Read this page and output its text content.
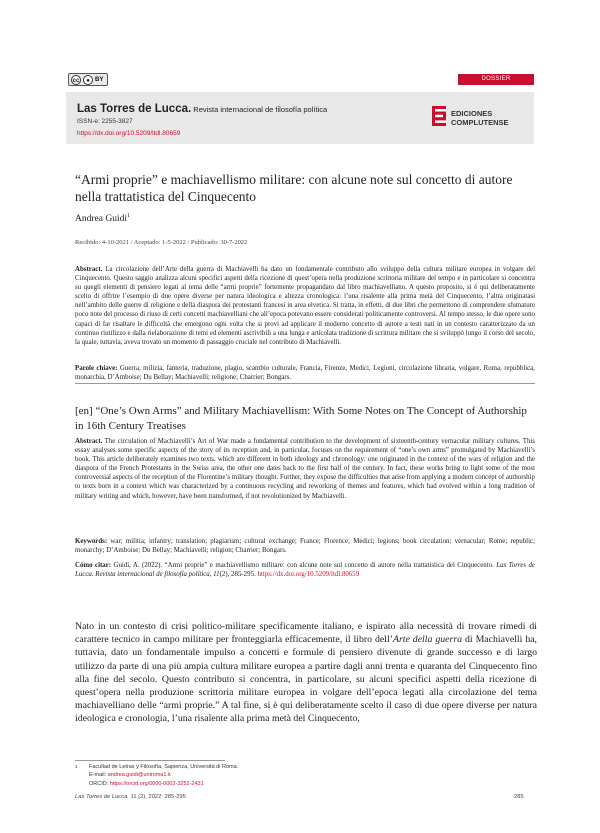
cc	● BY	DOSSIER
Las Torres de Lucca. Revista internacional de filosofía política
ISSN-e: 2255-3827
https://dx.doi.org/10.5209/ltdl.80659
EDICIONES
COMPLUTENSE
“Armi proprie” e machiavellismo militare: con alcune note sul concetto di autore nella trattatistica del Cinquecento
Andrea Guidi$^1$
Recibido: 4-10-2021 / Aceptado: 1-5-2022 / Publicado: 30-7-2022
Abstract. La circolazione dell’Arte della guerra di Machiavelli ha dato un fondamentale contributo allo sviluppo della cultura militare europea in volgare del Cinquecento. Questo saggio analizza alcuni specifici aspetti della ricezione di quest’opera nella produzione scrittoria militare del tempo e in particolare si concentra su quegli elementi di pensiero legati al tema delle “armi proprie” fortemente propagandato dal libro machiavelliano. A questo proposito, si è qui deliberatamente scelto di offrire l’esempio di due opere diverse per natura ideologica e altezza cronologica: l’una risalente alla prima metà del Cinquecento, l’altra originatasi nell’ambito delle guerre di religione e della diaspora dei protestanti francesi in area elvetica. Si tratta, in effetti, di due libri che permettono di comprendere sfumature poco note del processo di riuso di certi concetti machiavelliani che all’epoca potevano essere considerati politicamente controversi. Al tempo stesso, le due opere sono capaci di far risaltare le difficoltà che emergono ogni volta che si provi ad applicare il moderno concetto di autore a testi nati in un contesto caratterizzato da un continuo riutilizzo e dalla rielaborazione di temi ed elementi ascrivibili a una lunga e articolata tradizione di scrittura militare che si sviluppò lungo il corso del secolo, la quale, tuttavia, aveva trovato un momento di passaggio cruciale nel contributo di Machiavelli.
Parole chiave: Guerra, milizia, fanteria, traduzione, plagio, scambio culturale, Francia, Firenze, Medici, Legioni, circolazione libraria, volgare, Roma, repubblica, monarchia, D’Amboise; Du Bellay; Machiavelli; religione; Charrier; Bongars.
[en] “One’s Own Arms” and Military Machiavellism: With Some Notes on The Concept of Authorship in 16th Century Treatises
Abstract. The circulation of Machiavelli’s Art of War made a fundamental contribution to the development of sixteenth-century vernacular military cultures. This essay analyses some specific aspects of the story of its reception and, in particular, focuses on the requirement of “one’s own arms” promulgated by Machiavelli’s book. This article deliberately examines two texts, which are different in both ideology and chronology: one originated in the context of the wars of religion and the diaspora of the French Protestants in the Swiss area, the other one dates back to the first half of the century. In fact, these works bring to light some of the most controversial aspects of the reception of the Florentine’s military thought. Further, they expose the difficulties that arise from applying a modern concept of authorship to texts born in a context which was characterized by a continuous recycling and reworking of themes and features, which had evolved within a long tradition of military writing and which, however, have been transformed, if not revolutionized by Machiavelli.
Keywords: war; militia; infantry; translation; plagiarism; cultural exchange; France; Florence; Medici; legions; book circulation; vernacular; Rome; republic; monarchy; D’Amboise; Du Bellay; Machiavelli; religion; Charrier; Bongars.
Cómo citar: Guidi, A. (2022). “Armi proprie” e machiavellismo militare: con alcune note sul concetto di autore nella trattatistica del Cinquecento. Las Torres de Lucca. Revista internacional de filosofía política, 11(2), 285-295. https://dx.doi.org/10.5209/ltdl.80659
Nato in un contesto di crisi politico-militare specificamente italiano, e ispirato alla necessità di trovare rimedi di carattere tecnico in campo militare per fronteggiarla efficacemente, il libro dell’Arte della guerra di Machiavelli ha, tuttavia, dato un fondamentale impulso a concetti e formule di pensiero divenute di grande successo e di largo utilizzo da parte di una più ampia cultura militare europea a partire dagli anni trenta e quaranta del Cinquecento fino alla fine del secolo. Questo contributo si concentra, in particolare, su alcuni specifici aspetti della ricezione di quest’opera nella produzione scrittoria militare europea in volgare dell’epoca legati alla circolazione del tema machiavelliano delle “armi proprie.” A tal fine, si è qui deliberatamente scelto il caso di due opere diverse per natura ideologica e cronologia, l’una risalente alla prima metà del Cinquecento,
1 Facultad de Letras y Filosofía, Sapienza, Università di Roma.
E-mail: andrea.guidi@uniroma1.it
ORCID: https://orcid.org/0000-0002-3252-2431
Las Torres de Lucca. 11 (2), 2022: 285-295	285
